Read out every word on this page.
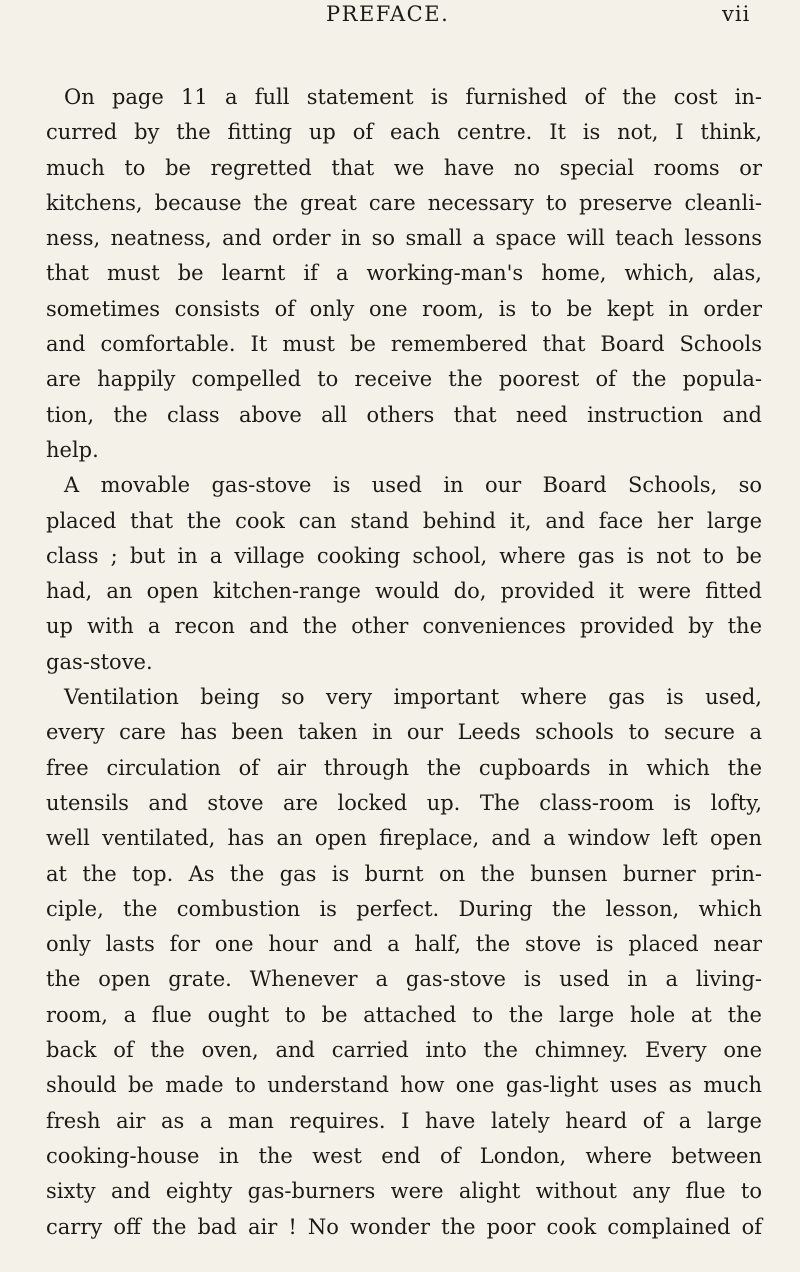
PREFACE.	vii
On page 11 a full statement is furnished of the cost in-
curred by the fitting up of each centre. It is not, I think,
much to be regretted that we have no special rooms or
kitchens, because the great care necessary to preserve cleanli-
ness, neatness, and order in so small a space will teach lessons
that must be learnt if a working-man's home, which, alas,
sometimes consists of only one room, is to be kept in order
and comfortable. It must be remembered that Board Schools
are happily compelled to receive the poorest of the popula-
tion, the class above all others that need instruction and
help.
A movable gas-stove is used in our Board Schools, so
placed that the cook can stand behind it, and face her large
class ; but in a village cooking school, where gas is not to be
had, an open kitchen-range would do, provided it were fitted
up with a recon and the other conveniences provided by the
gas-stove.
Ventilation being so very important where gas is used,
every care has been taken in our Leeds schools to secure a
free circulation of air through the cupboards in which the
utensils and stove are locked up. The class-room is lofty,
well ventilated, has an open fireplace, and a window left open
at the top. As the gas is burnt on the bunsen burner prin-
ciple, the combustion is perfect. During the lesson, which
only lasts for one hour and a half, the stove is placed near
the open grate. Whenever a gas-stove is used in a living-
room, a flue ought to be attached to the large hole at the
back of the oven, and carried into the chimney. Every one
should be made to understand how one gas-light uses as much
fresh air as a man requires. I have lately heard of a large
cooking-house in the west end of London, where between
sixty and eighty gas-burners were alight without any flue to
carry off the bad air ! No wonder the poor cook complained of
